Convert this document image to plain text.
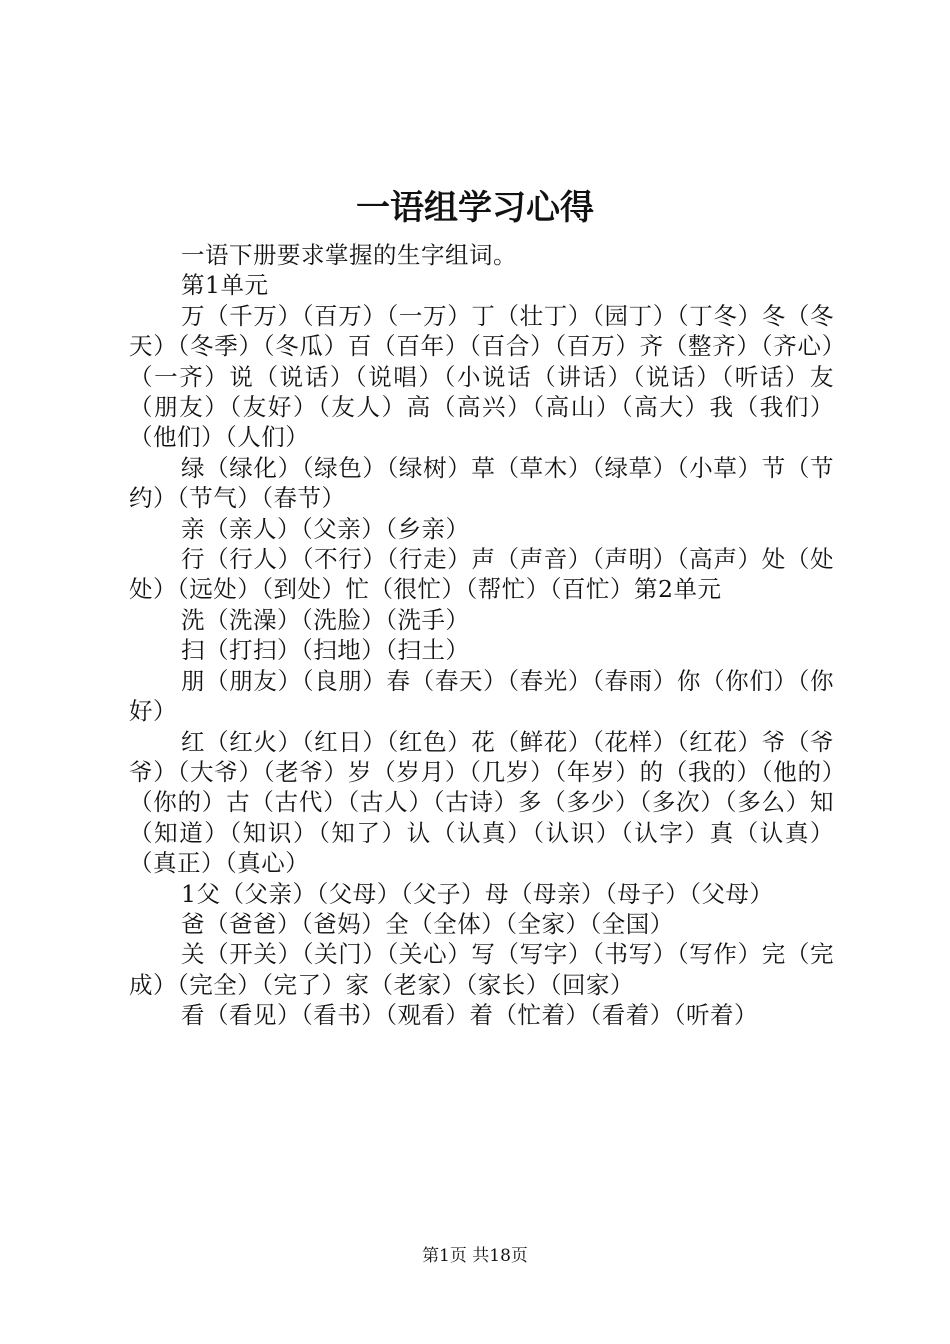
一语组学习心得

一语下册要求掌握的生字组词。

第1单元

万（千万）（百万）（一万）丁（壮丁）（园丁）（丁冬）冬（冬天）（冬季）（冬瓜）百（百年）（百合）（百万）齐（整齐）（齐心）（一齐）说（说话）（说唱）（小说话（讲话）（说话）（听话）友（朋友）（友好）（友人）高（高兴）（高山）（高大）我（我们）（他们）（人们）

绿（绿化）（绿色）（绿树）草（草木）（绿草）（小草）节（节约）（节气）（春节）

亲（亲人）（父亲）（乡亲）

行（行人）（不行）（行走）声（声音）（声明）（高声）处（处处）（远处）（到处）忙（很忙）（帮忙）（百忙）第2单元

洗（洗澡）（洗脸）（洗手）

扫（打扫）（扫地）（扫土）

朋（朋友）（良朋）春（春天）（春光）（春雨）你（你们）（你好）

红（红火）（红日）（红色）花（鲜花）（花样）（红花）爷（爷爷）（大爷）（老爷）岁（岁月）（几岁）（年岁）的（我的）（他的）（你的）古（古代）（古人）（古诗）多（多少）（多次）（多么）知（知道）（知识）（知了）认（认真）（认识）（认字）真（认真）（真正）（真心）

1父（父亲）（父母）（父子）母（母亲）（母子）（父母）

爸（爸爸）（爸妈）全（全体）（全家）（全国）

关（开关）（关门）（关心）写（写字）（书写）（写作）完（完成）（完全）（完了）家（老家）（家长）（回家）

看（看见）（看书）（观看）着（忙着）（看着）（听着）

第1页 共18页
